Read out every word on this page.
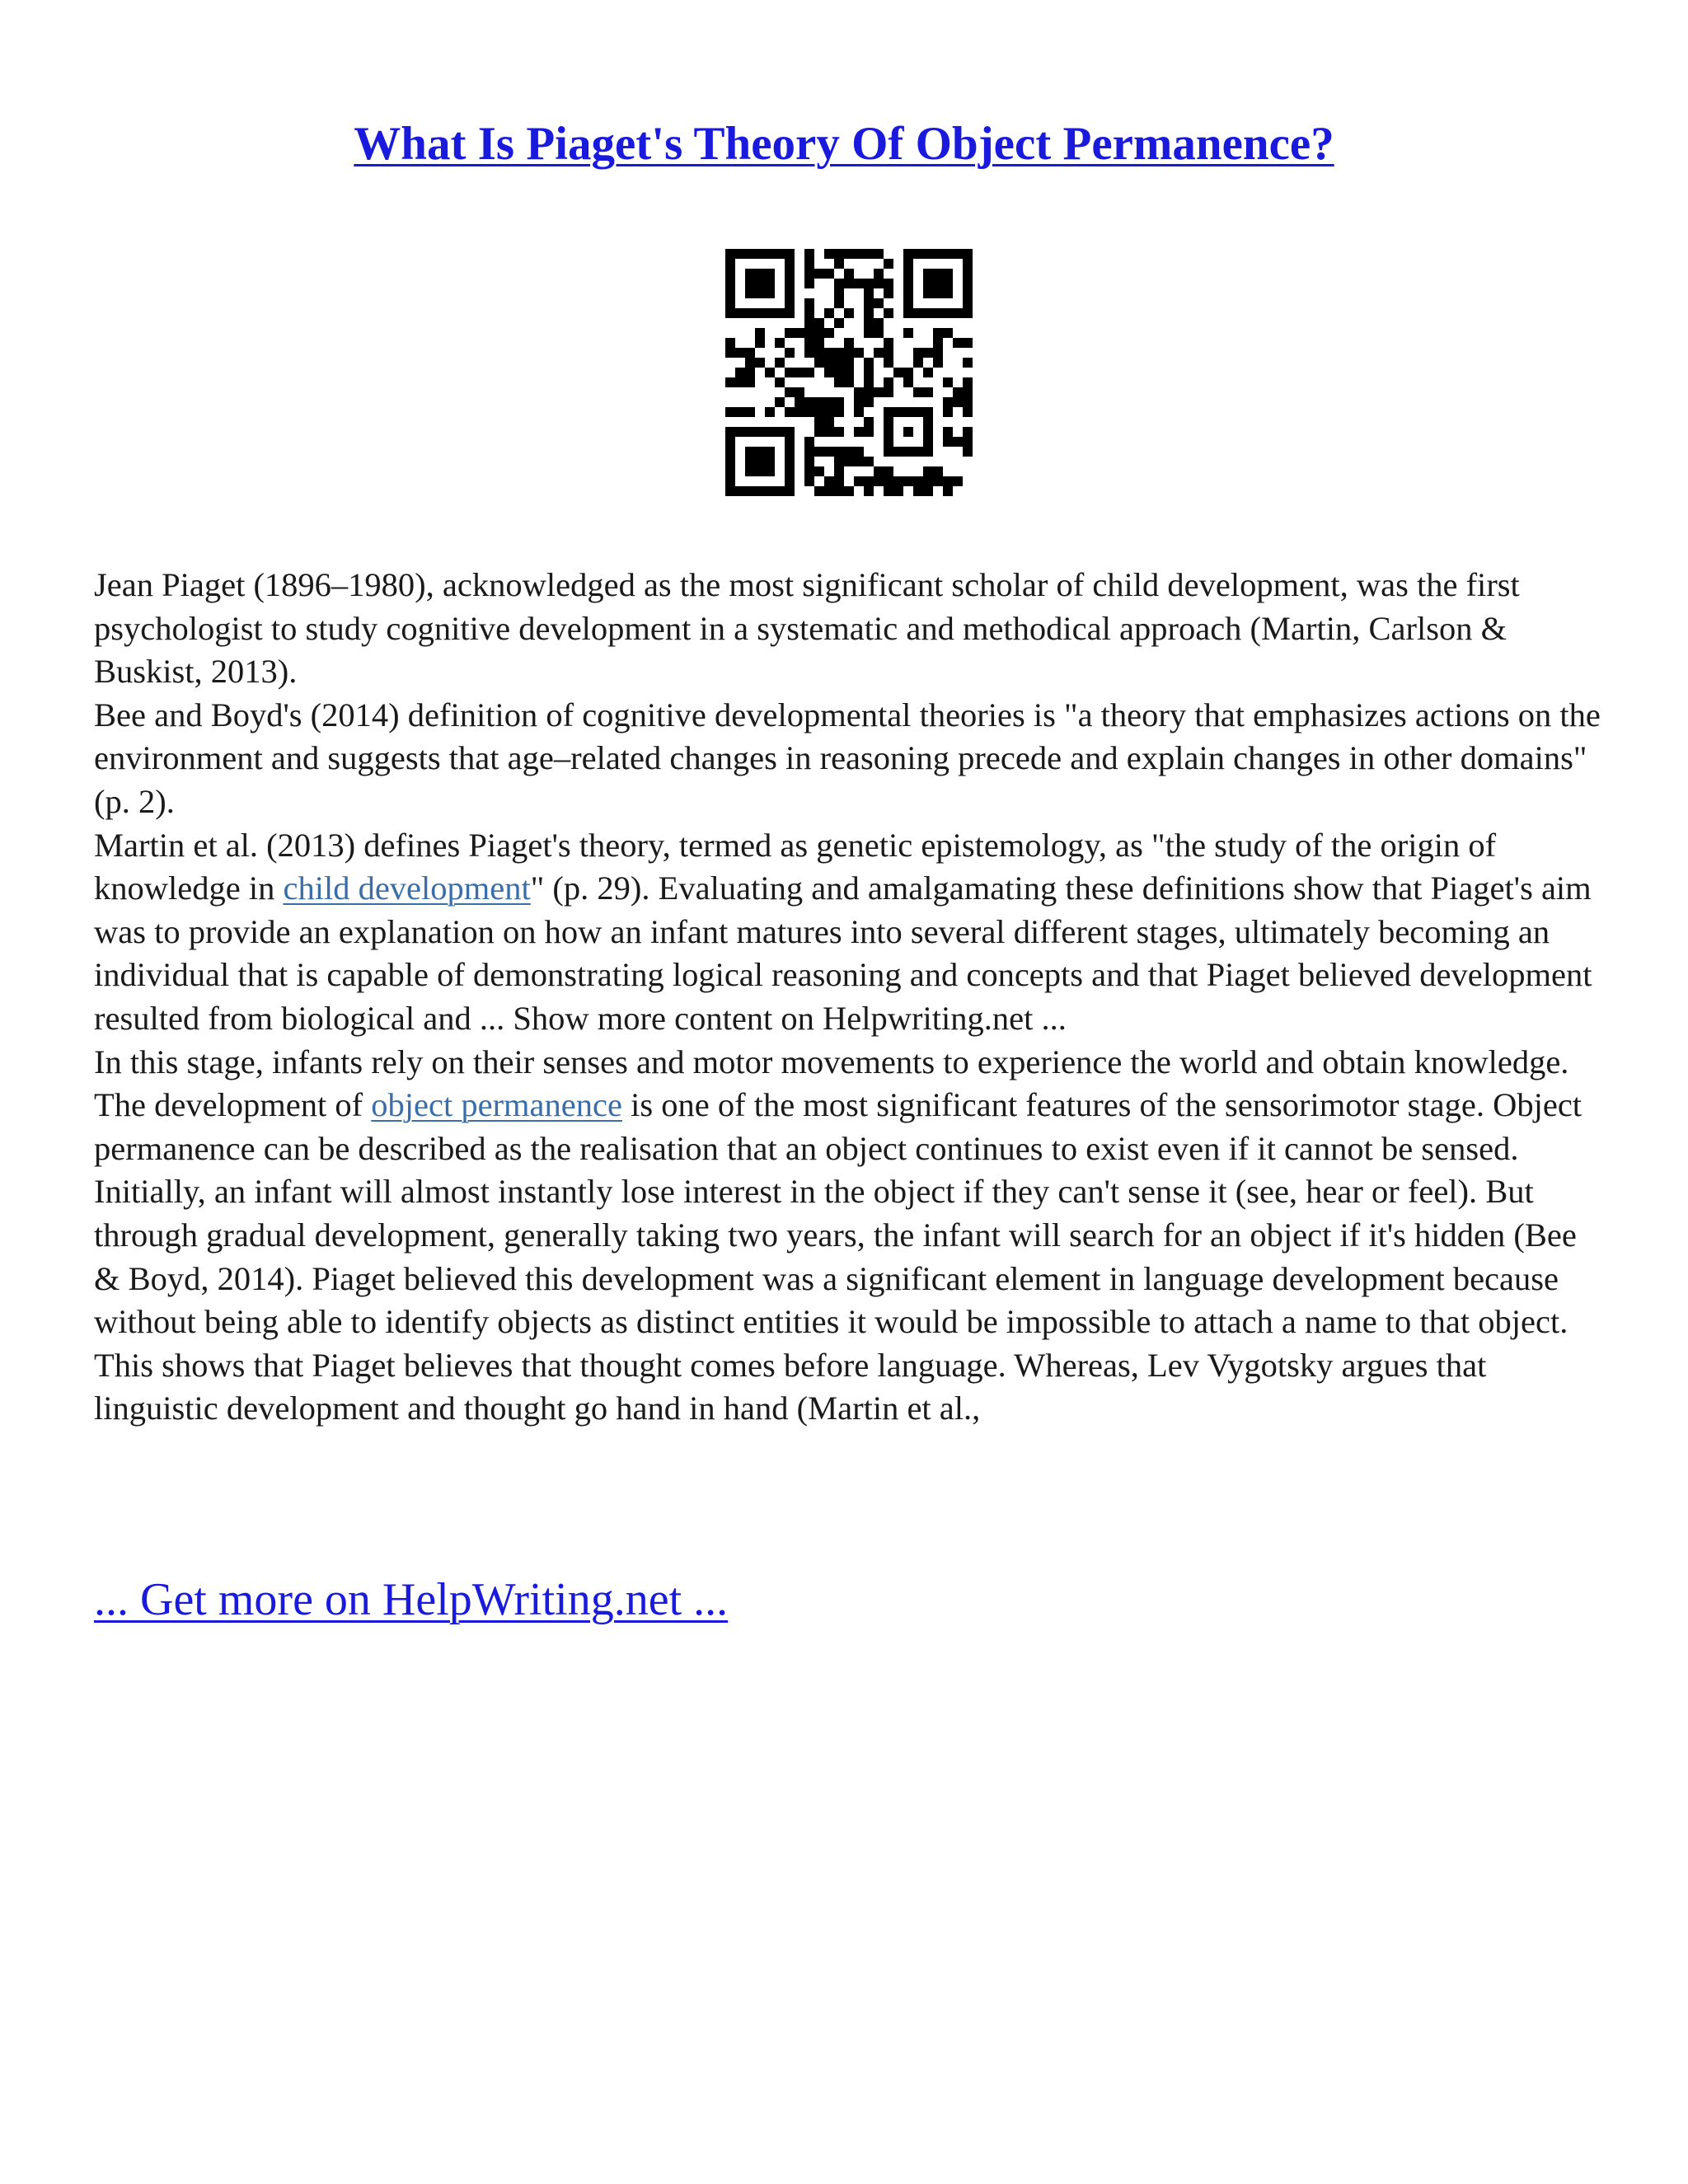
What Is Piaget's Theory Of Object Permanence?

Jean Piaget (1896–1980), acknowledged as the most significant scholar of child development, was the first psychologist to study cognitive development in a systematic and methodical approach (Martin, Carlson & Buskist, 2013).

Bee and Boyd's (2014) definition of cognitive developmental theories is "a theory that emphasizes actions on the environment and suggests that age–related changes in reasoning precede and explain changes in other domains" (p. 2).

Martin et al. (2013) defines Piaget's theory, termed as genetic epistemology, as "the study of the origin of knowledge in child development" (p. 29). Evaluating and amalgamating these definitions show that Piaget's aim was to provide an explanation on how an infant matures into several different stages, ultimately becoming an individual that is capable of demonstrating logical reasoning and concepts and that Piaget believed development resulted from biological and ... Show more content on Helpwriting.net ...

In this stage, infants rely on their senses and motor movements to experience the world and obtain knowledge. The development of object permanence is one of the most significant features of the sensorimotor stage. Object permanence can be described as the realisation that an object continues to exist even if it cannot be sensed. Initially, an infant will almost instantly lose interest in the object if they can't sense it (see, hear or feel). But through gradual development, generally taking two years, the infant will search for an object if it's hidden (Bee & Boyd, 2014). Piaget believed this development was a significant element in language development because without being able to identify objects as distinct entities it would be impossible to attach a name to that object. This shows that Piaget believes that thought comes before language. Whereas, Lev Vygotsky argues that linguistic development and thought go hand in hand (Martin et al.,

... Get more on HelpWriting.net ...
